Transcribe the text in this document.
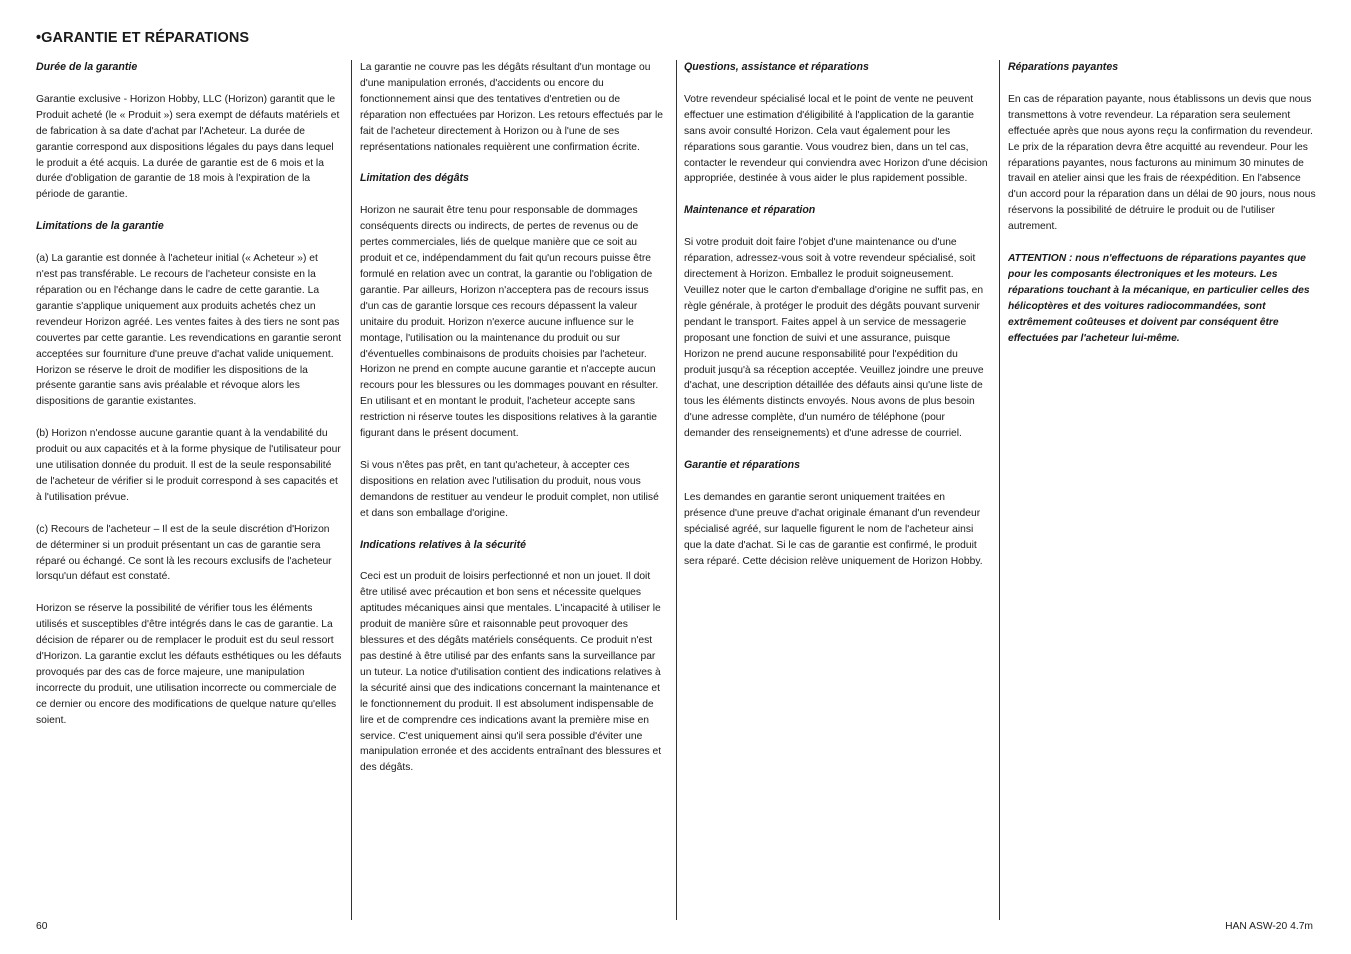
•GARANTIE ET RÉPARATIONS
Durée de la garantie
Garantie exclusive - Horizon Hobby, LLC (Horizon) garantit que le Produit acheté (le « Produit ») sera exempt de défauts matériels et de fabrication à sa date d'achat par l'Acheteur. La durée de garantie correspond aux dispositions légales du pays dans lequel le produit a été acquis. La durée de garantie est de 6 mois et la durée d'obligation de garantie de 18 mois à l'expiration de la période de garantie.
Limitations de la garantie
(a) La garantie est donnée à l'acheteur initial (« Acheteur ») et n'est pas transférable. Le recours de l'acheteur consiste en la réparation ou en l'échange dans le cadre de cette garantie. La garantie s'applique uniquement aux produits achetés chez un revendeur Horizon agréé. Les ventes faites à des tiers ne sont pas couvertes par cette garantie. Les revendications en garantie seront acceptées sur fourniture d'une preuve d'achat valide uniquement. Horizon se réserve le droit de modifier les dispositions de la présente garantie sans avis préalable et révoque alors les dispositions de garantie existantes.
(b) Horizon n'endosse aucune garantie quant à la vendabilité du produit ou aux capacités et à la forme physique de l'utilisateur pour une utilisation donnée du produit. Il est de la seule responsabilité de l'acheteur de vérifier si le produit correspond à ses capacités et à l'utilisation prévue.
(c) Recours de l'acheteur – Il est de la seule discrétion d'Horizon de déterminer si un produit présentant un cas de garantie sera réparé ou échangé. Ce sont là les recours exclusifs de l'acheteur lorsqu'un défaut est constaté.
Horizon se réserve la possibilité de vérifier tous les éléments utilisés et susceptibles d'être intégrés dans le cas de garantie. La décision de réparer ou de remplacer le produit est du seul ressort d'Horizon. La garantie exclut les défauts esthétiques ou les défauts provoqués par des cas de force majeure, une manipulation incorrecte du produit, une utilisation incorrecte ou commerciale de ce dernier ou encore des modifications de quelque nature qu'elles soient.
La garantie ne couvre pas les dégâts résultant d'un montage ou d'une manipulation erronés, d'accidents ou encore du fonctionnement ainsi que des tentatives d'entretien ou de réparation non effectuées par Horizon. Les retours effectués par le fait de l'acheteur directement à Horizon ou à l'une de ses représentations nationales requièrent une confirmation écrite.
Limitation des dégâts
Horizon ne saurait être tenu pour responsable de dommages conséquents directs ou indirects, de pertes de revenus ou de pertes commerciales, liés de quelque manière que ce soit au produit et ce, indépendamment du fait qu'un recours puisse être formulé en relation avec un contrat, la garantie ou l'obligation de garantie. Par ailleurs, Horizon n'acceptera pas de recours issus d'un cas de garantie lorsque ces recours dépassent la valeur unitaire du produit. Horizon n'exerce aucune influence sur le montage, l'utilisation ou la maintenance du produit ou sur d'éventuelles combinaisons de produits choisies par l'acheteur. Horizon ne prend en compte aucune garantie et n'accepte aucun recours pour les blessures ou les dommages pouvant en résulter. En utilisant et en montant le produit, l'acheteur accepte sans restriction ni réserve toutes les dispositions relatives à la garantie figurant dans le présent document.
Si vous n'êtes pas prêt, en tant qu'acheteur, à accepter ces dispositions en relation avec l'utilisation du produit, nous vous demandons de restituer au vendeur le produit complet, non utilisé et dans son emballage d'origine.
Indications relatives à la sécurité
Ceci est un produit de loisirs perfectionné et non un jouet. Il doit être utilisé avec précaution et bon sens et nécessite quelques aptitudes mécaniques ainsi que mentales. L'incapacité à utiliser le produit de manière sûre et raisonnable peut provoquer des blessures et des dégâts matériels conséquents. Ce produit n'est pas destiné à être utilisé par des enfants sans la surveillance par un tuteur. La notice d'utilisation contient des indications relatives à la sécurité ainsi que des indications concernant la maintenance et le fonctionnement du produit. Il est absolument indispensable de lire et de comprendre ces indications avant la première mise en service. C'est uniquement ainsi qu'il sera possible d'éviter une manipulation erronée et des accidents entraînant des blessures et des dégâts.
Questions, assistance et réparations
Votre revendeur spécialisé local et le point de vente ne peuvent effectuer une estimation d'éligibilité à l'application de la garantie sans avoir consulté Horizon. Cela vaut également pour les réparations sous garantie. Vous voudrez bien, dans un tel cas, contacter le revendeur qui conviendra avec Horizon d'une décision appropriée, destinée à vous aider le plus rapidement possible.
Maintenance et réparation
Si votre produit doit faire l'objet d'une maintenance ou d'une réparation, adressez-vous soit à votre revendeur spécialisé, soit directement à Horizon. Emballez le produit soigneusement. Veuillez noter que le carton d'emballage d'origine ne suffit pas, en règle générale, à protéger le produit des dégâts pouvant survenir pendant le transport. Faites appel à un service de messagerie proposant une fonction de suivi et une assurance, puisque Horizon ne prend aucune responsabilité pour l'expédition du produit jusqu'à sa réception acceptée. Veuillez joindre une preuve d'achat, une description détaillée des défauts ainsi qu'une liste de tous les éléments distincts envoyés. Nous avons de plus besoin d'une adresse complète, d'un numéro de téléphone (pour demander des renseignements) et d'une adresse de courriel.
Garantie et réparations
Les demandes en garantie seront uniquement traitées en présence d'une preuve d'achat originale émanant d'un revendeur spécialisé agréé, sur laquelle figurent le nom de l'acheteur ainsi que la date d'achat. Si le cas de garantie est confirmé, le produit sera réparé. Cette décision relève uniquement de Horizon Hobby.
Réparations payantes
En cas de réparation payante, nous établissons un devis que nous transmettons à votre revendeur. La réparation sera seulement effectuée après que nous ayons reçu la confirmation du revendeur. Le prix de la réparation devra être acquitté au revendeur. Pour les réparations payantes, nous facturons au minimum 30 minutes de travail en atelier ainsi que les frais de réexpédition. En l'absence d'un accord pour la réparation dans un délai de 90 jours, nous nous réservons la possibilité de détruire le produit ou de l'utiliser autrement.
ATTENTION : nous n'effectuons de réparations payantes que pour les composants électroniques et les moteurs. Les réparations touchant à la mécanique, en particulier celles des hélicoptères et des voitures radiocommandées, sont extrêmement coûteuses et doivent par conséquent être effectuées par l'acheteur lui-même.
60	HAN ASW-20 4.7m
